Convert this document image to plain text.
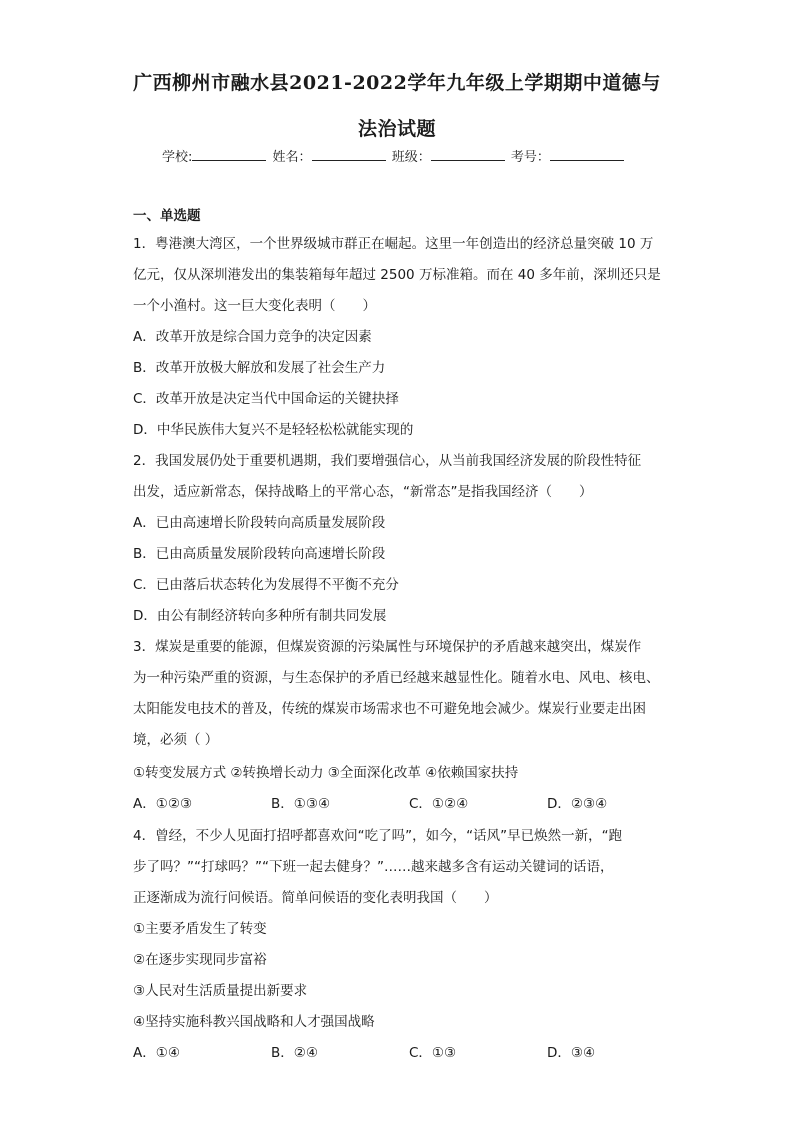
广西柳州市融水县2021-2022学年九年级上学期期中道德与
法治试题
学校:	姓名：	班级：	考号：
一、单选题
1．粤港澳大湾区，一个世界级城市群正在崛起。这里一年创造出的经济总量突破 10 万
亿元，仅从深圳港发出的集装箱每年超过 2500 万标准箱。而在 40 多年前，深圳还只是
一个小渔村。这一巨大变化表明（　　）
A．改革开放是综合国力竞争的决定因素
B．改革开放极大解放和发展了社会生产力
C．改革开放是决定当代中国命运的关键抉择
D．中华民族伟大复兴不是轻轻松松就能实现的
2．我国发展仍处于重要机遇期，我们要增强信心，从当前我国经济发展的阶段性特征
出发，适应新常态，保持战略上的平常心态，“新常态”是指我国经济（　　）
A．已由高速增长阶段转向高质量发展阶段
B．已由高质量发展阶段转向高速增长阶段
C．已由落后状态转化为发展得不平衡不充分
D．由公有制经济转向多种所有制共同发展
3．煤炭是重要的能源，但煤炭资源的污染属性与环境保护的矛盾越来越突出，煤炭作
为一种污染严重的资源，与生态保护的矛盾已经越来越显性化。随着水电、风电、核电、
太阳能发电技术的普及，传统的煤炭市场需求也不可避免地会减少。煤炭行业要走出困
境，必须（ ）
①转变发展方式 ②转换增长动力 ③全面深化改革 ④依赖国家扶持
A．①②③	B．①③④	C．①②④	D．②③④
4．曾经，不少人见面打招呼都喜欢问“吃了吗”，如今，“话风”早已焕然一新，“跑
步了吗？”“打球吗？”“下班一起去健身？”……越来越多含有运动关键词的话语，
正逐渐成为流行问候语。简单问候语的变化表明我国（　　）
①主要矛盾发生了转变
②在逐步实现同步富裕
③人民对生活质量提出新要求
④坚持实施科教兴国战略和人才强国战略
A．①④	B．②④	C．①③	D．③④
